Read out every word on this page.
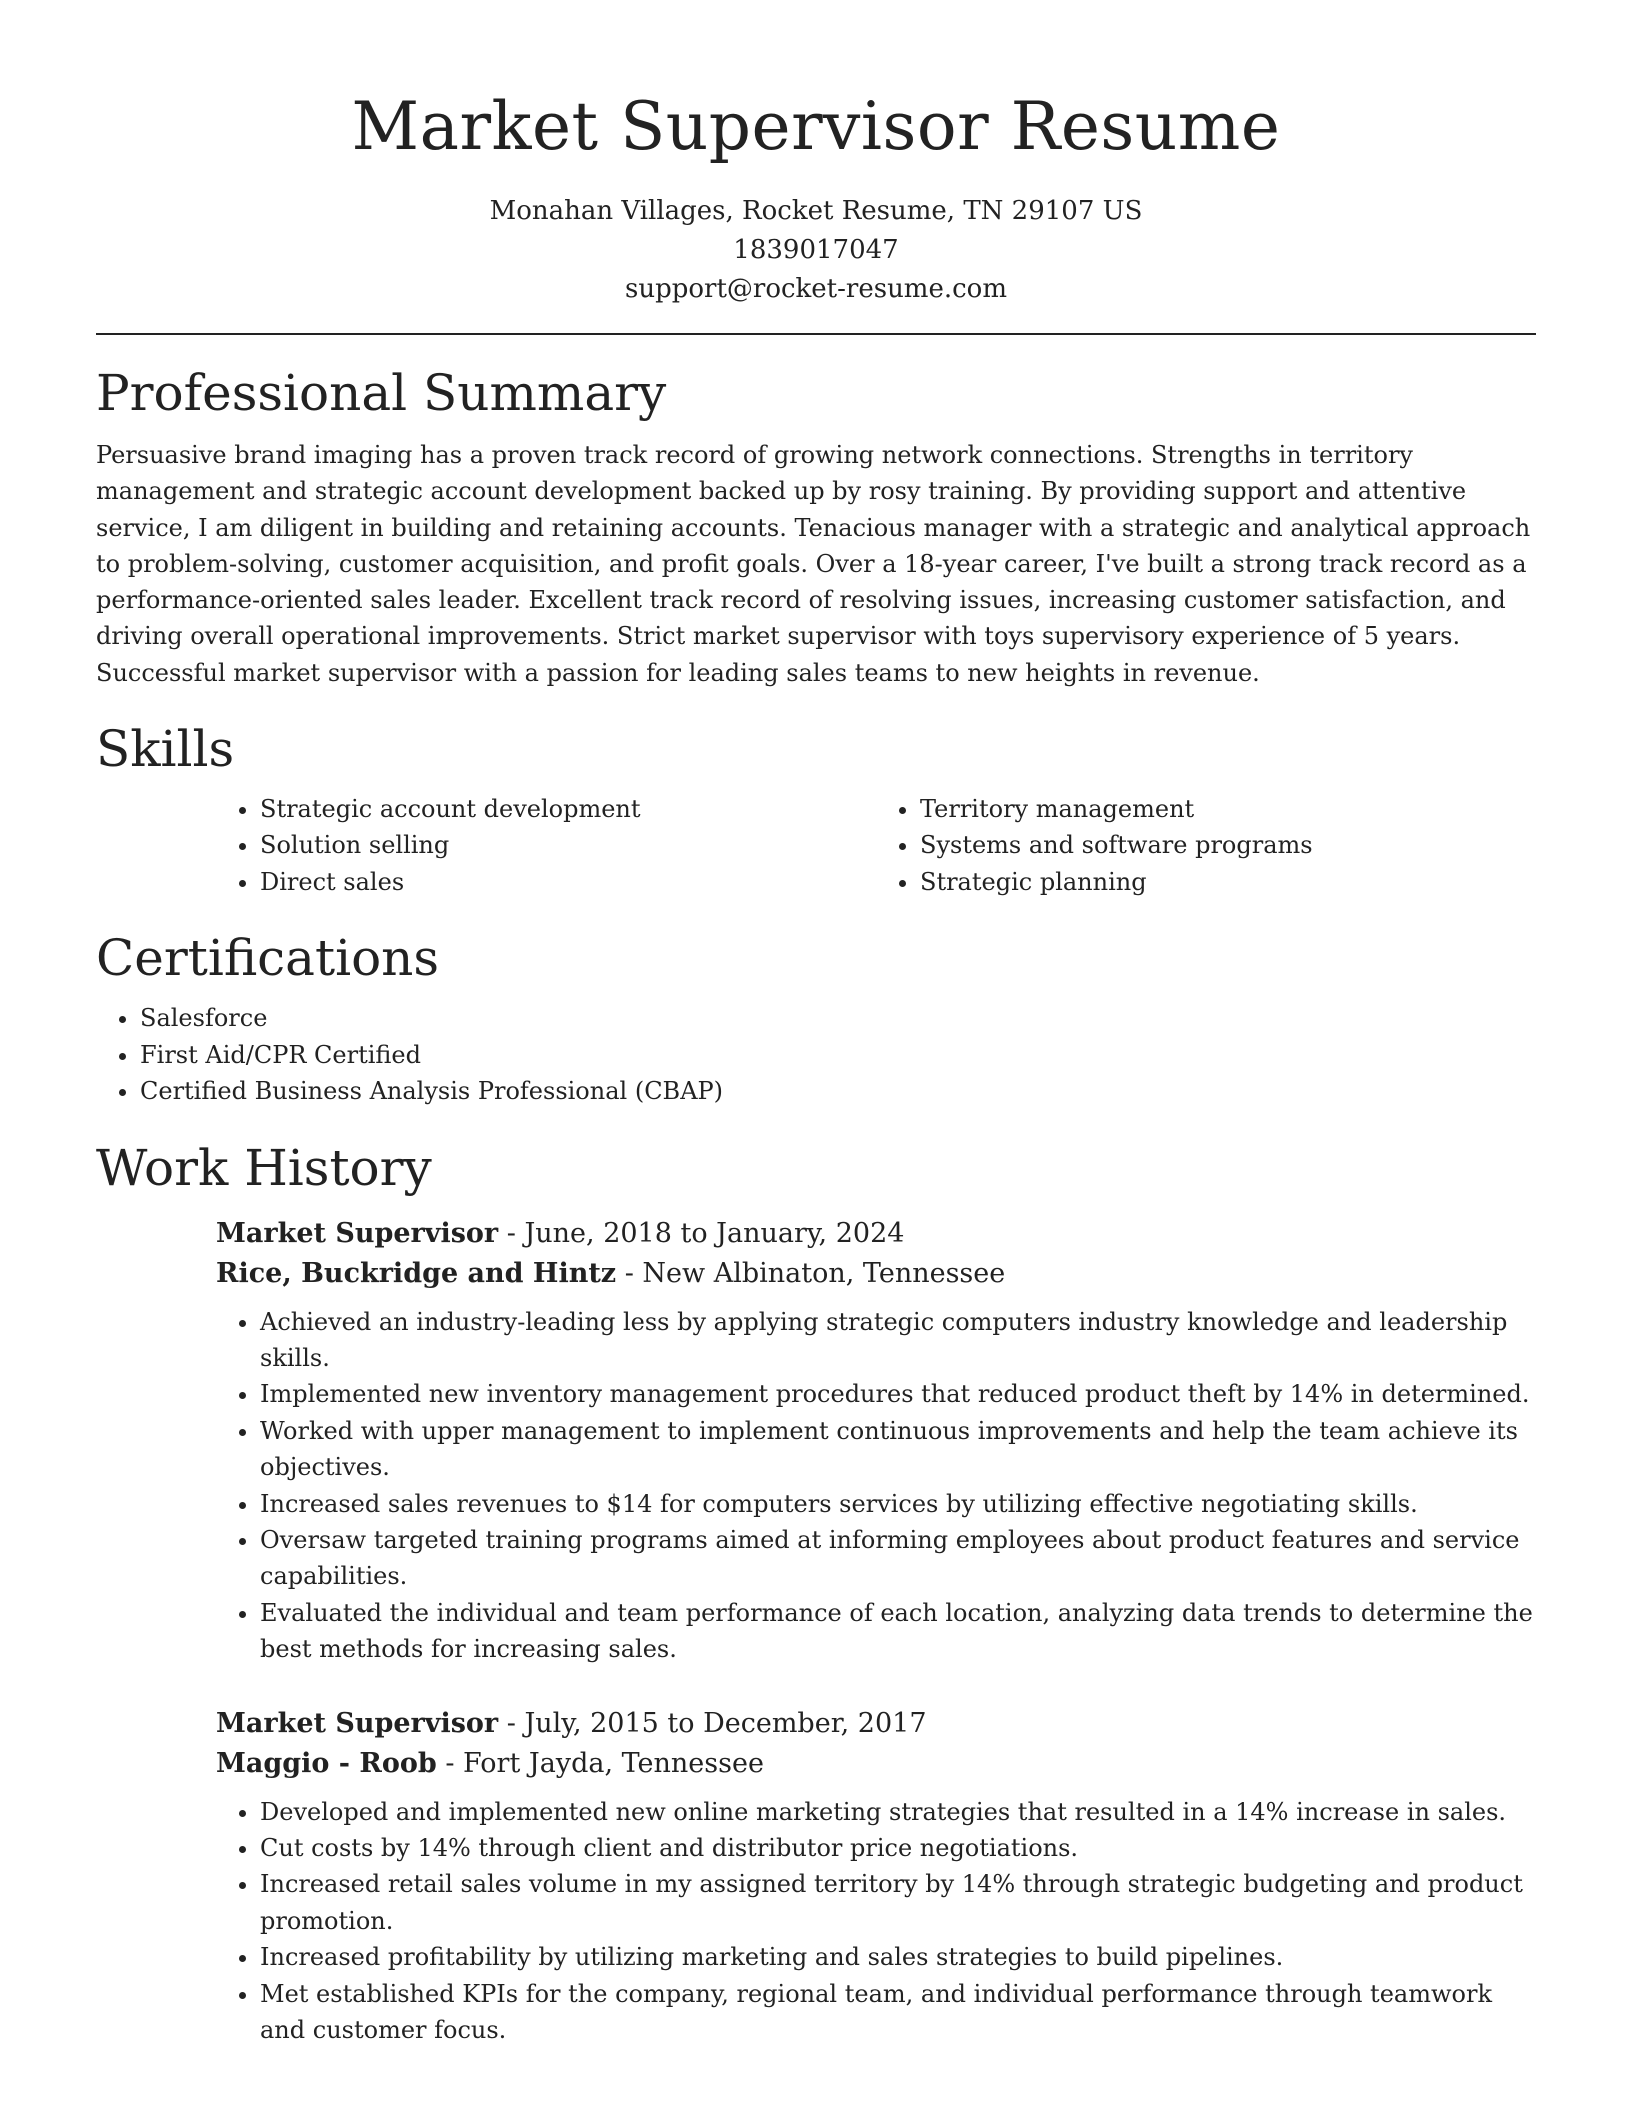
Market Supervisor Resume
Monahan Villages, Rocket Resume, TN 29107 US
1839017047
support@rocket-resume.com
Professional Summary

Persuasive brand imaging has a proven track record of growing network connections. Strengths in territory management and strategic account development backed up by rosy training. By providing support and attentive service, I am diligent in building and retaining accounts. Tenacious manager with a strategic and analytical approach to problem-solving, customer acquisition, and profit goals. Over a 18-year career, I've built a strong track record as a performance-oriented sales leader. Excellent track record of resolving issues, increasing customer satisfaction, and driving overall operational improvements. Strict market supervisor with toys supervisory experience of 5 years. Successful market supervisor with a passion for leading sales teams to new heights in revenue.

Skills
• Strategic account development
• Solution selling
• Direct sales
• Territory management
• Systems and software programs
• Strategic planning
Certifications
• Salesforce
• First Aid/CPR Certified
• Certified Business Analysis Professional (CBAP)
Work History
Market Supervisor - June, 2018 to January, 2024
Rice, Buckridge and Hintz - New Albinaton, Tennessee
• Achieved an industry-leading less by applying strategic computers industry knowledge and leadership skills.
• Implemented new inventory management procedures that reduced product theft by 14% in determined.
• Worked with upper management to implement continuous improvements and help the team achieve its objectives.
• Increased sales revenues to $14 for computers services by utilizing effective negotiating skills.
• Oversaw targeted training programs aimed at informing employees about product features and service capabilities.
• Evaluated the individual and team performance of each location, analyzing data trends to determine the best methods for increasing sales.
Market Supervisor - July, 2015 to December, 2017
Maggio - Roob - Fort Jayda, Tennessee
• Developed and implemented new online marketing strategies that resulted in a 14% increase in sales.
• Cut costs by 14% through client and distributor price negotiations.
• Increased retail sales volume in my assigned territory by 14% through strategic budgeting and product promotion.
• Increased profitability by utilizing marketing and sales strategies to build pipelines.
• Met established KPIs for the company, regional team, and individual performance through teamwork and customer focus.
